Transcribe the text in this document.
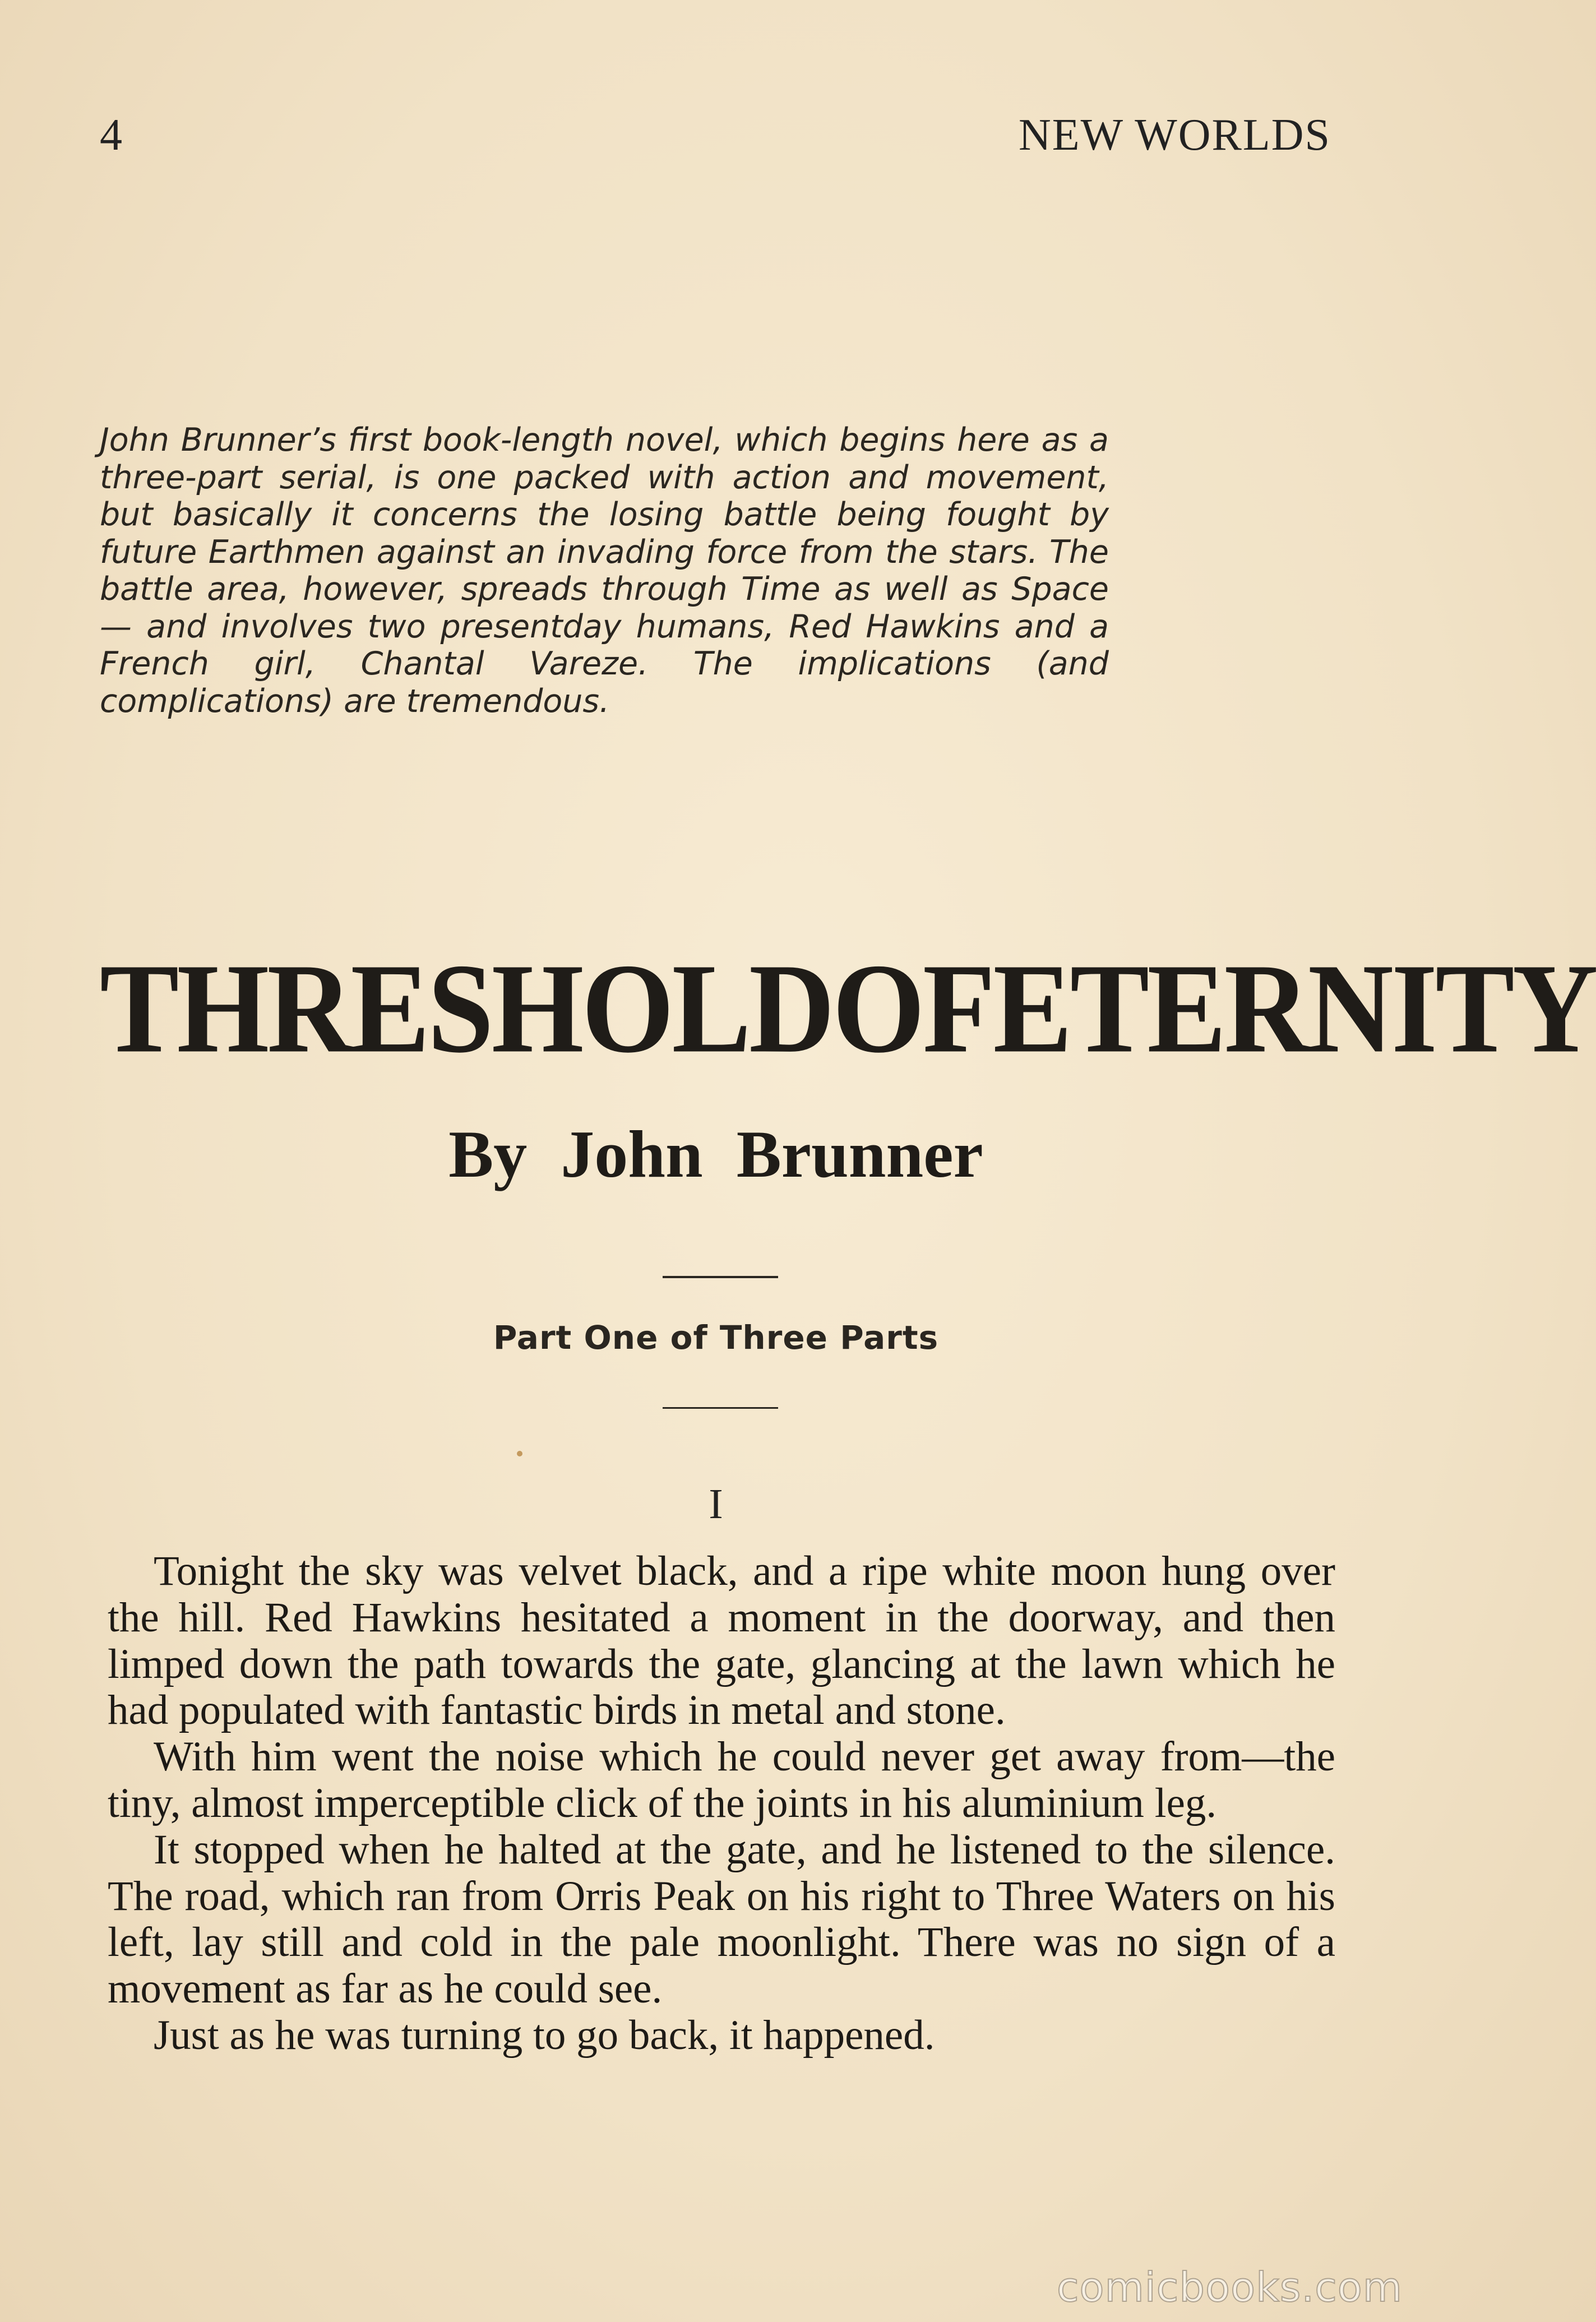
4	NEW WORLDS
John Brunner’s first book-length novel, which begins here as a three-part serial, is one packed with action and movement, but basically it concerns the losing battle being fought by future Earthmen against an invading force from the stars. The battle area, however, spreads through Time as well as Space — and involves two presentday humans, Red Hawkins and a French girl, Chantal Vareze. The implications (and complications) are tremendous.
THRESHOLD OF ETERNITY
By John Brunner
Part One of Three Parts
I

Tonight the sky was velvet black, and a ripe white moon hung over the hill. Red Hawkins hesitated a moment in the doorway, and then limped down the path towards the gate, glancing at the lawn which he had populated with fantastic birds in metal and stone.

With him went the noise which he could never get away from—the tiny, almost imperceptible click of the joints in his aluminium leg.

It stopped when he halted at the gate, and he listened to the silence. The road, which ran from Orris Peak on his right to Three Waters on his left, lay still and cold in the pale moonlight. There was no sign of a movement as far as he could see.

Just as he was turning to go back, it happened.

comicbooks.com
